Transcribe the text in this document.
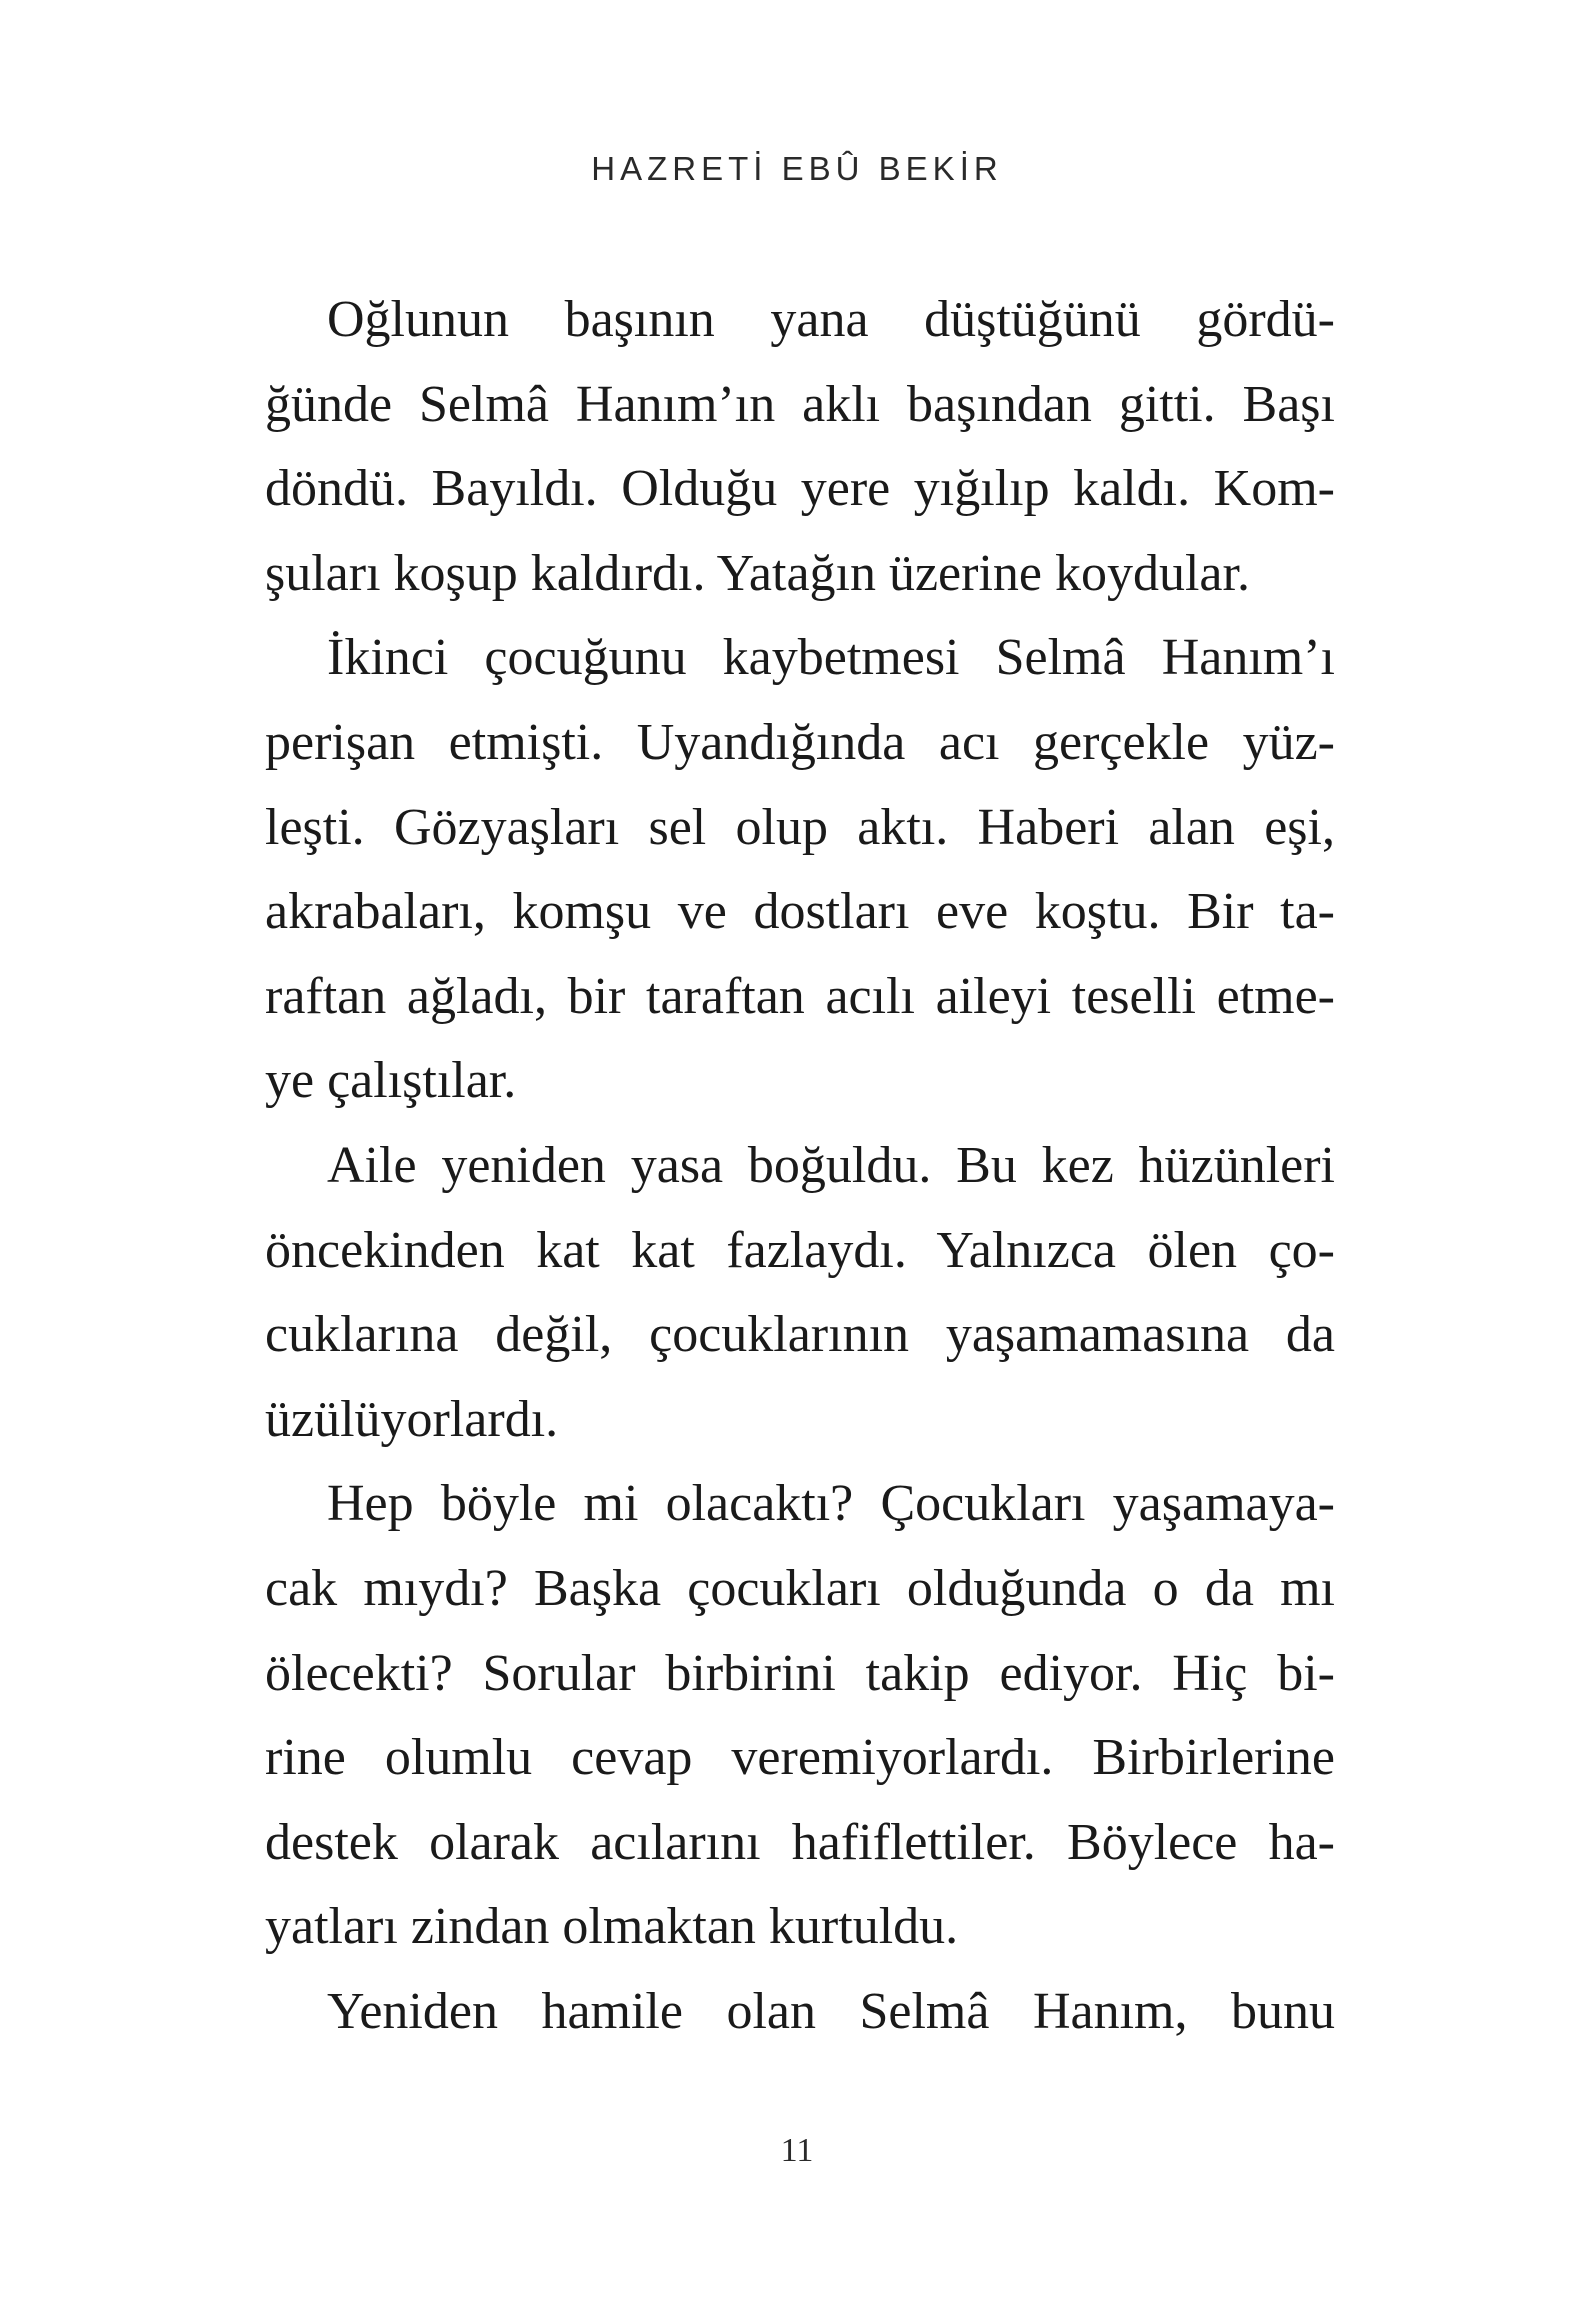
HAZRETİ EBÛ BEKİR
Oğlunun başının yana düştüğünü gördü-
ğünde Selmâ Hanım’ın aklı başından gitti. Başı
döndü. Bayıldı. Olduğu yere yığılıp kaldı. Kom-
şuları koşup kaldırdı. Yatağın üzerine koydular.
İkinci çocuğunu kaybetmesi Selmâ Hanım’ı
perişan etmişti. Uyandığında acı gerçekle yüz-
leşti. Gözyaşları sel olup aktı. Haberi alan eşi,
akrabaları, komşu ve dostları eve koştu. Bir ta-
raftan ağladı, bir taraftan acılı aileyi teselli etme-
ye çalıştılar.
Aile yeniden yasa boğuldu. Bu kez hüzünleri
öncekinden kat kat fazlaydı. Yalnızca ölen ço-
cuklarına değil, çocuklarının yaşamamasına da
üzülüyorlardı.
Hep böyle mi olacaktı? Çocukları yaşamaya-
cak mıydı? Başka çocukları olduğunda o da mı
ölecekti? Sorular birbirini takip ediyor. Hiç bi-
rine olumlu cevap veremiyorlardı. Birbirlerine
destek olarak acılarını hafiflettiler. Böylece ha-
yatları zindan olmaktan kurtuldu.
Yeniden hamile olan Selmâ Hanım, bunu
11
